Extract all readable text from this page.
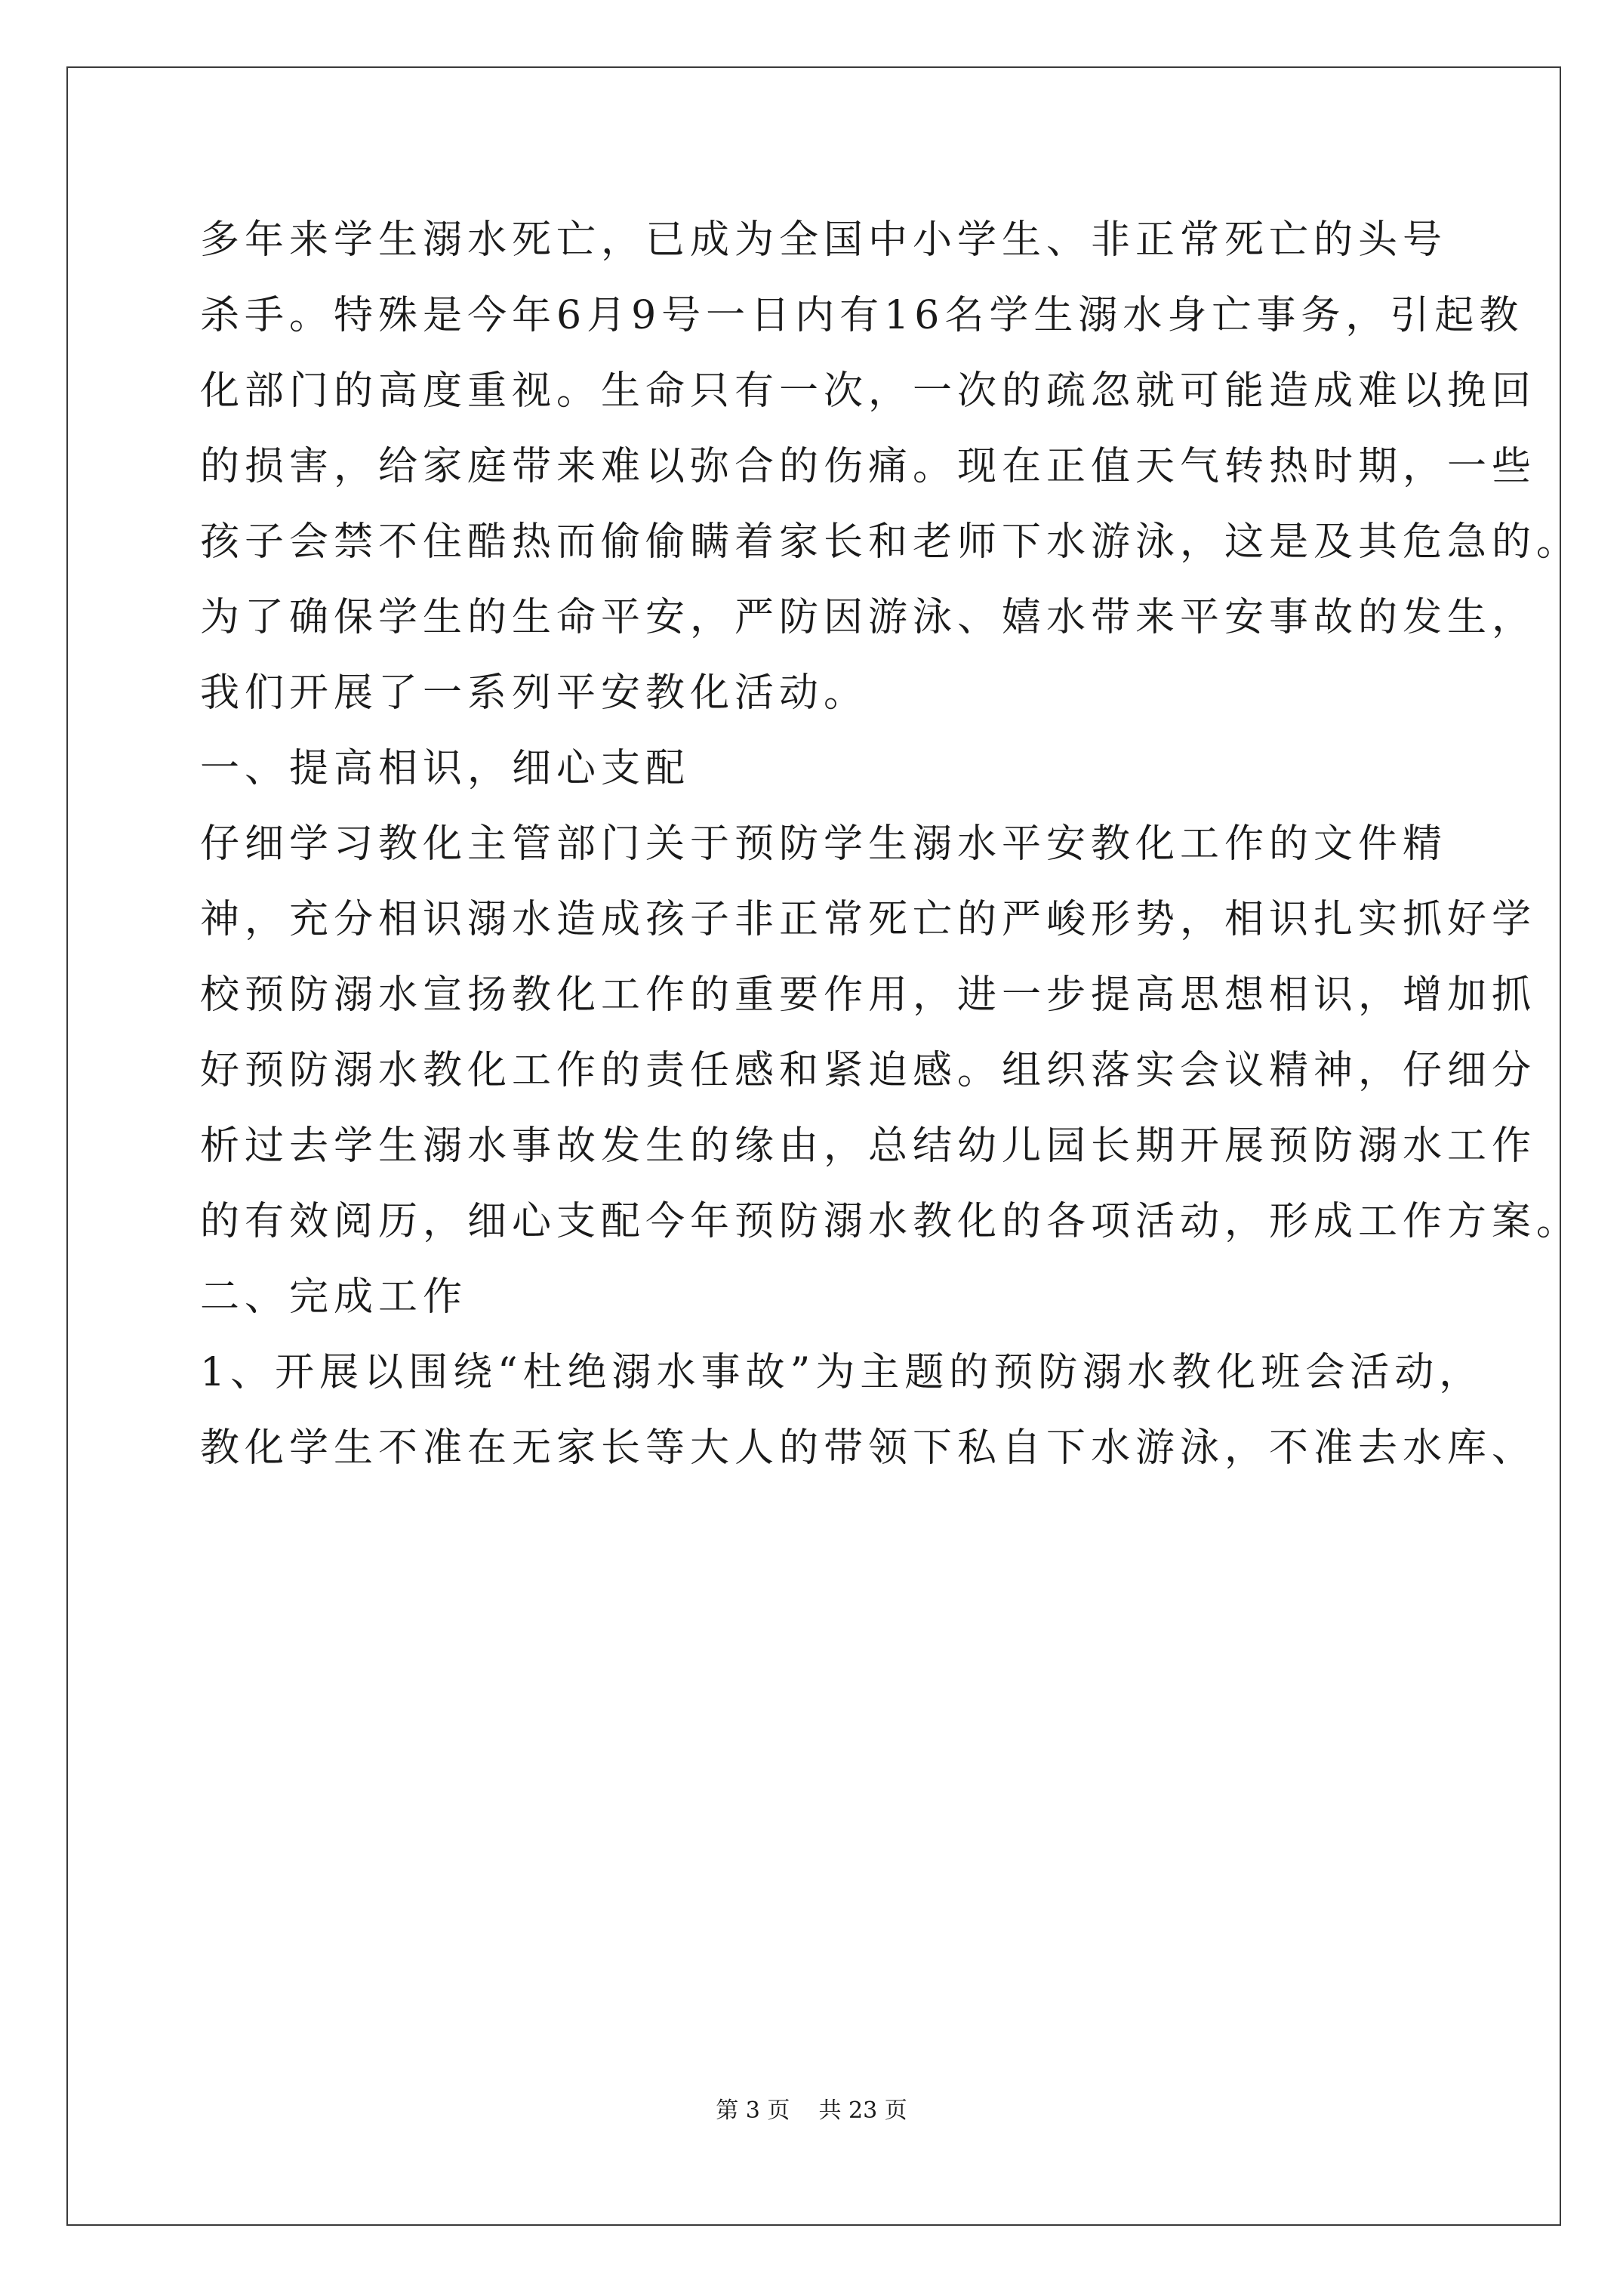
多年来学生溺水死亡，已成为全国中小学生、非正常死亡的头号
杀手。特殊是今年6月9号一日内有16名学生溺水身亡事务，引起教
化部门的高度重视。生命只有一次，一次的疏忽就可能造成难以挽回
的损害，给家庭带来难以弥合的伤痛。现在正值天气转热时期，一些
孩子会禁不住酷热而偷偷瞒着家长和老师下水游泳，这是及其危急的。
为了确保学生的生命平安，严防因游泳、嬉水带来平安事故的发生，
我们开展了一系列平安教化活动。
一、提高相识，细心支配
仔细学习教化主管部门关于预防学生溺水平安教化工作的文件精
神，充分相识溺水造成孩子非正常死亡的严峻形势，相识扎实抓好学
校预防溺水宣扬教化工作的重要作用，进一步提高思想相识，增加抓
好预防溺水教化工作的责任感和紧迫感。组织落实会议精神，仔细分
析过去学生溺水事故发生的缘由，总结幼儿园长期开展预防溺水工作
的有效阅历，细心支配今年预防溺水教化的各项活动，形成工作方案。
二、完成工作
1、开展以围绕“杜绝溺水事故”为主题的预防溺水教化班会活动，
教化学生不准在无家长等大人的带领下私自下水游泳，不准去水库、
第 3 页    共 23 页
